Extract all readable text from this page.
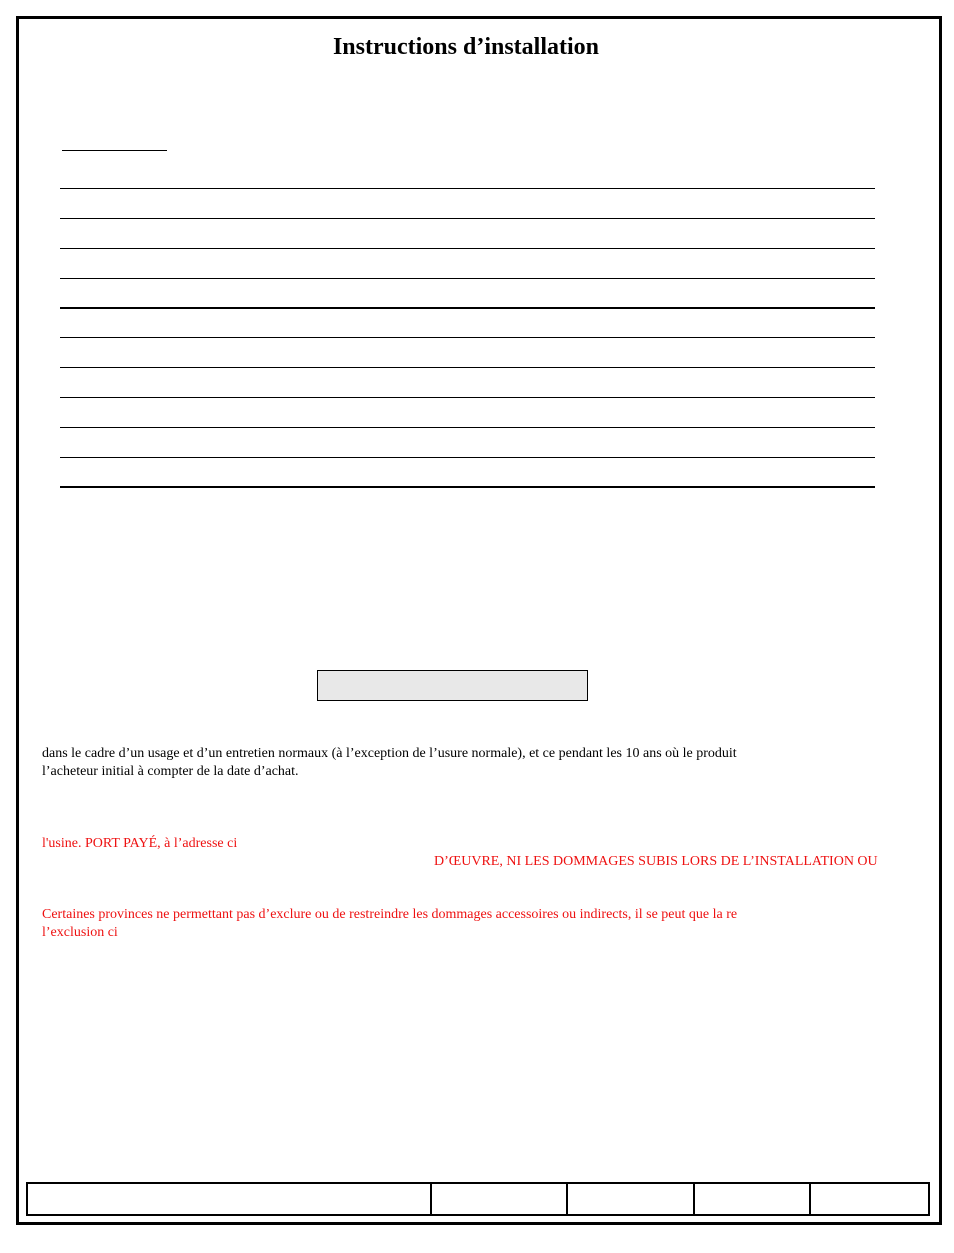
Instructions d’installation
dans le cadre d’un usage et d’un entretien normaux (à l’exception de l’usure normale), et ce pendant les 10 ans où le produit
l’acheteur initial à compter de la date d’achat.
l'usine. PORT PAYÉ, à l’adresse ci
D’ŒUVRE, NI LES DOMMAGES SUBIS LORS DE L’INSTALLATION OU
Certaines provinces ne permettant pas d’exclure ou de restreindre les dommages accessoires ou indirects, il se peut que la re
l’exclusion ci
